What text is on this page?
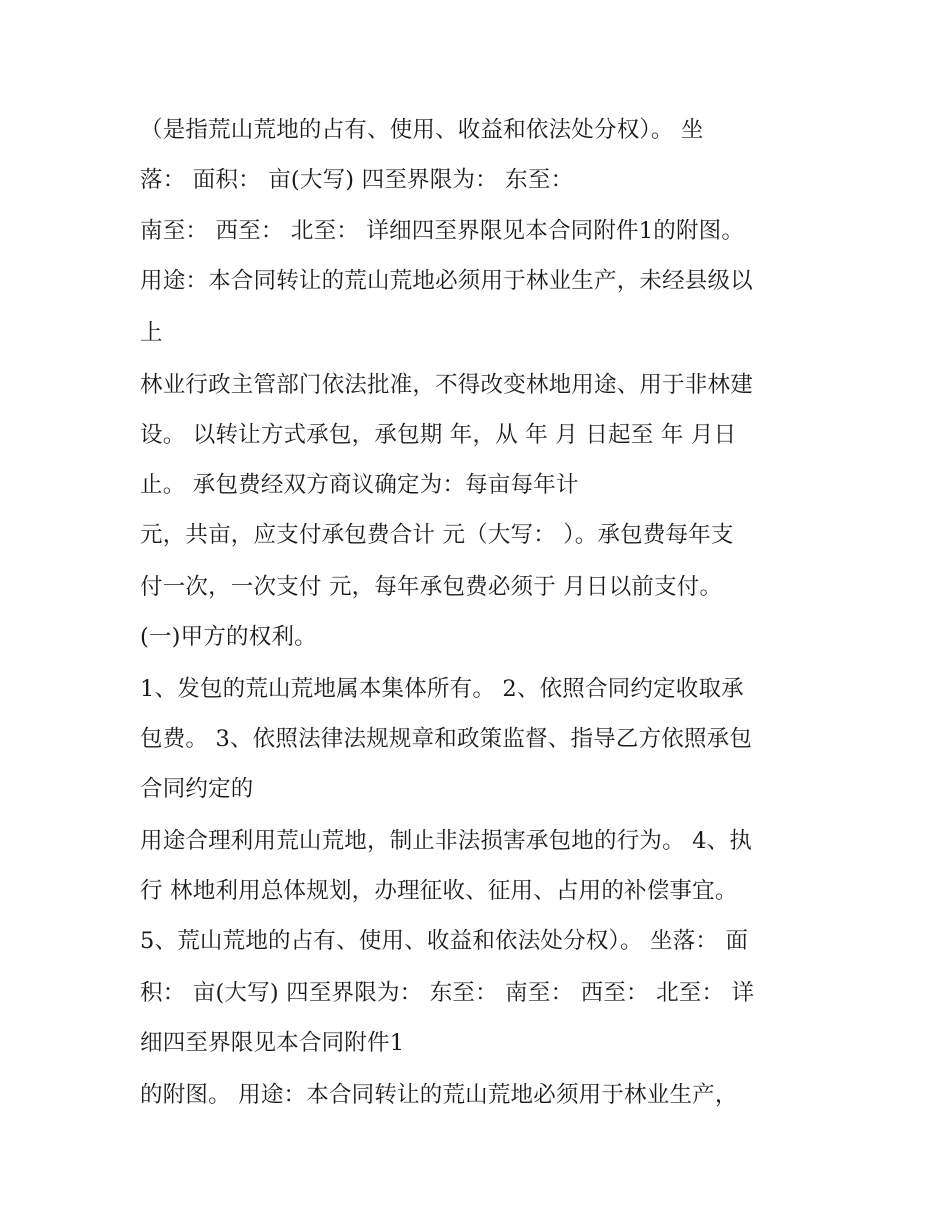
（是指荒山荒地的占有、使用、收益和依法处分权）。 坐
落： 面积： 亩(大写) 四至界限为： 东至：
南至： 西至： 北至： 详细四至界限见本合同附件1的附图。
用途：本合同转让的荒山荒地必须用于林业生产，未经县级以
上
林业行政主管部门依法批准，不得改变林地用途、用于非林建
设。 以转让方式承包，承包期 年，从 年 月 日起至 年 月日
止。 承包费经双方商议确定为：每亩每年计
元，共亩，应支付承包费合计 元（大写： ）。承包费每年支
付一次，一次支付 元，每年承包费必须于 月日以前支付。
(一)甲方的权利。
1、发包的荒山荒地属本集体所有。 2、依照合同约定收取承
包费。 3、依照法律法规规章和政策监督、指导乙方依照承包
合同约定的
用途合理利用荒山荒地，制止非法损害承包地的行为。 4、执
行 林地利用总体规划，办理征收、征用、占用的补偿事宜。
5、荒山荒地的占有、使用、收益和依法处分权）。 坐落： 面
积： 亩(大写) 四至界限为： 东至： 南至： 西至： 北至： 详
细四至界限见本合同附件1
的附图。 用途：本合同转让的荒山荒地必须用于林业生产，
